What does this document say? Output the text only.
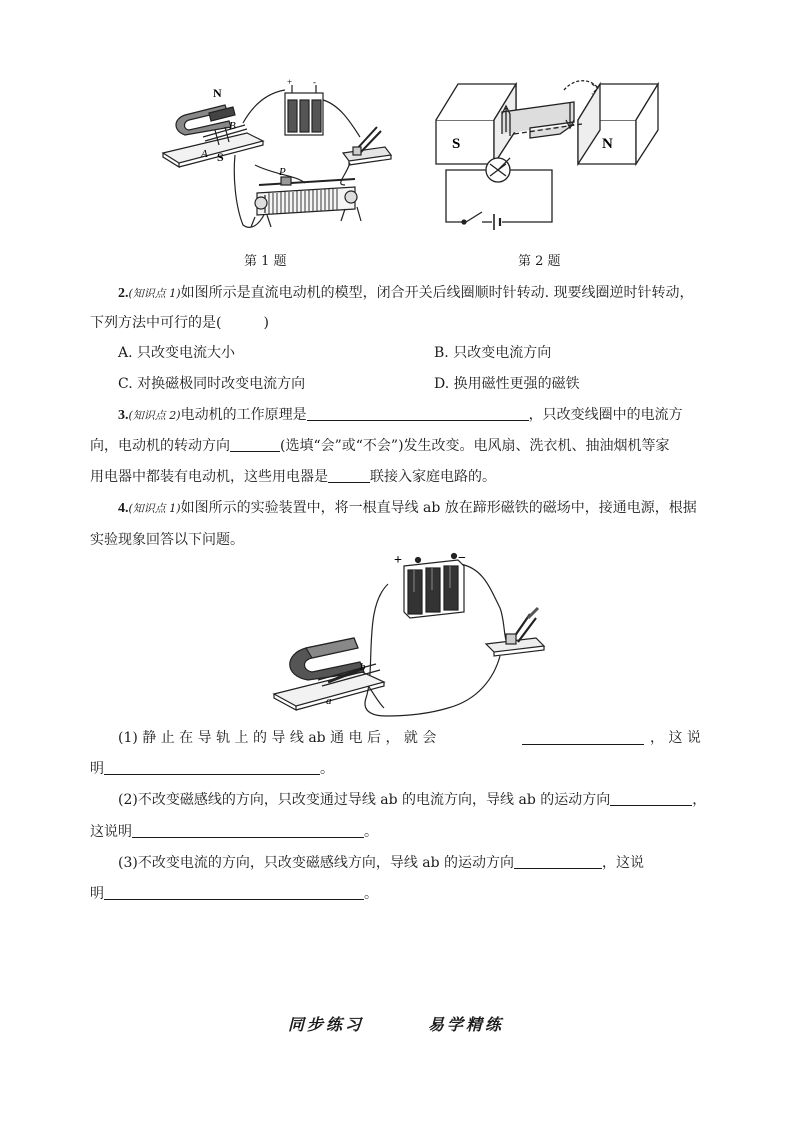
N
S
A
B
P
+ -
第 1 题
S	N
第 2 题
2.(知识点 1)如图所示是直流电动机的模型，闭合开关后线圈顺时针转动. 现要线圈逆时针转动，
下列方法中可行的是(　　　)
A. 只改变电流大小	B. 只改变电流方向
C. 对换磁极同时改变电流方向	D. 换用磁性更强的磁铁
3.(知识点 2)电动机的工作原理是	，只改变线圈中的电流方
向，电动机的转动方向	(选填“会”或“不会”)发生改变。电风扇、洗衣机、抽油烟机等家
用电器中都装有电动机，这些用电器是	联接入家庭电路的。
4.(知识点 1)如图所示的实验装置中，将一根直导线 ab 放在蹄形磁铁的磁场中，接通电源，根据
实验现象回答以下问题。
+	−
b
a
(1) 静 止 在 导 轨 上 的 导 线 ab 通 电 后 ， 就 会	， 这 说
明	。
(2)不改变磁感线的方向，只改变通过导线 ab 的电流方向，导线 ab 的运动方向	，
这说明	。
(3)不改变电流的方向，只改变磁感线方向，导线 ab 的运动方向	，这说
明	。
同步练习	易学精练
